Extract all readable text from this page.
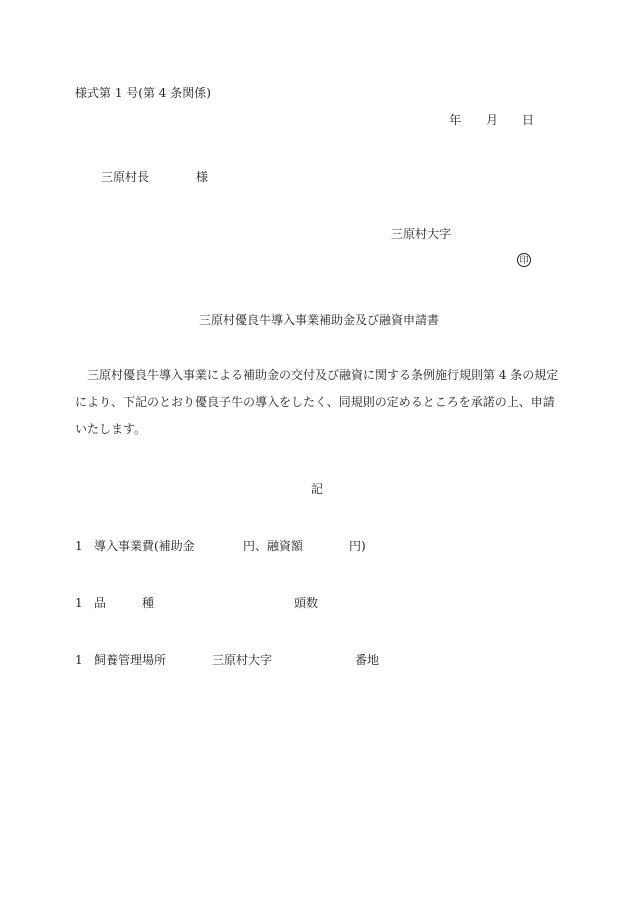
様式第 1 号(第 4 条関係)
年 月 日
三原村長	様
三原村大字
印
三原村優良牛導入事業補助金及び融資申請書
三原村優良牛導入事業による補助金の交付及び融資に関する条例施行規則第 4 条の規定
により、下記のとおり優良子牛の導入をしたく、同規則の定めるところを承諾の上、申請
いたします。
記
1 導入事業費(補助金	円、融資額	円)
1 品	種	頭数
1 飼養管理場所	三原村大字	番地
